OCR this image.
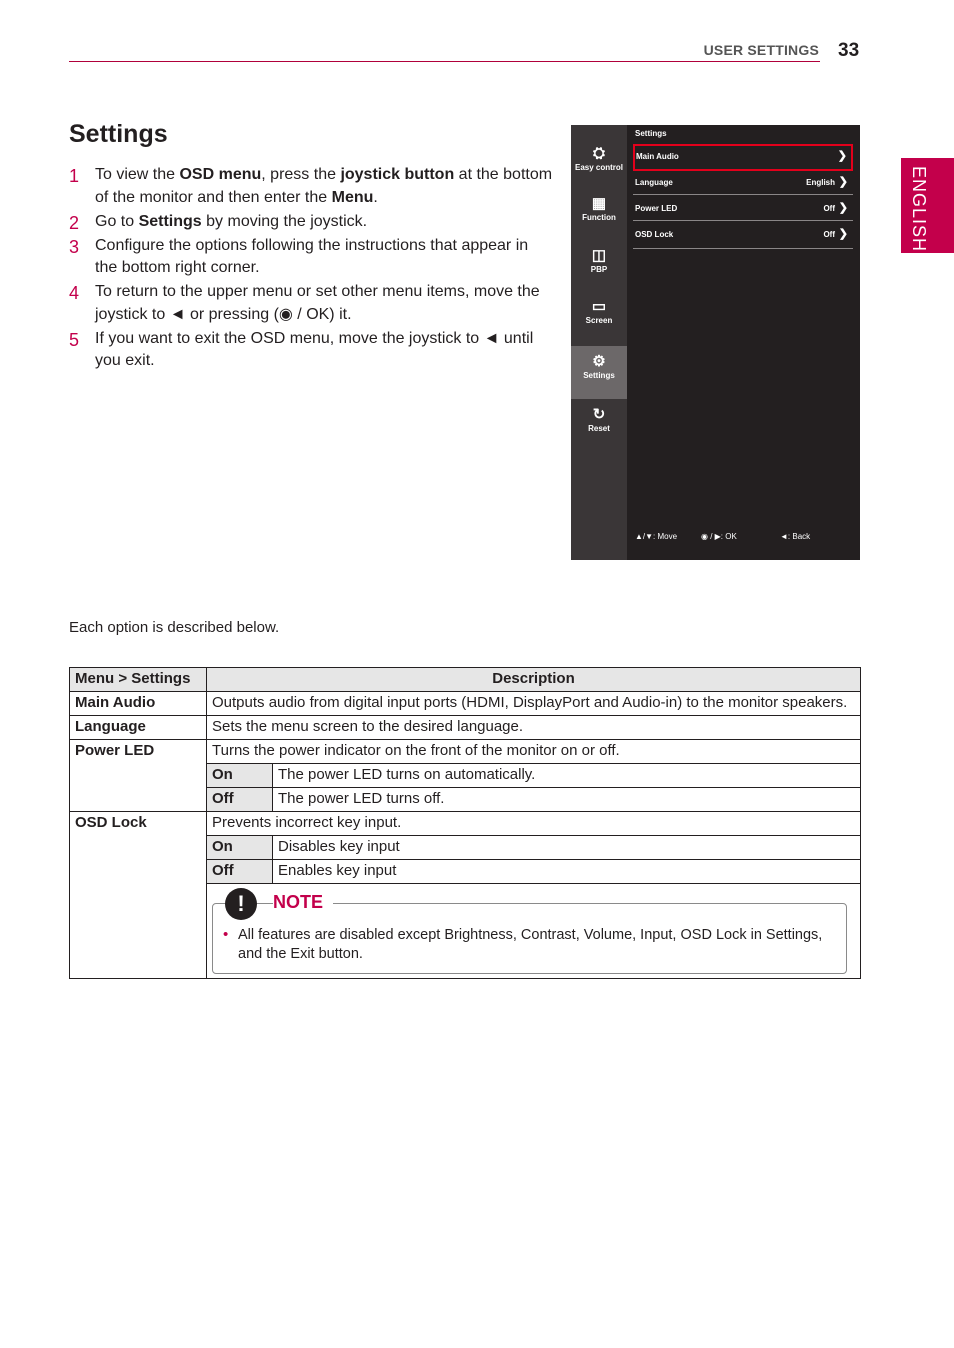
USER SETTINGS 33
ENGLISH
Settings
1 To view the OSD menu, press the joystick button at the bottom of the monitor and then enter the Menu.
2 Go to Settings by moving the joystick.
3 Configure the options following the instructions that appear in the bottom right corner.
4 To return to the upper menu or set other menu items, move the joystick to ◄ or pressing (◉ / OK) it.
5 If you want to exit the OSD menu, move the joystick to ◄ until you exit.
⛭
Easy control
▦
Function
◫
PBP
▭
Screen
⚙
Settings
↻
Reset
Settings
Main Audio	❯
Language	English ❯
Power LED	Off ❯
OSD Lock	Off ❯
▲/▼: Move	◉ / ▶: OK	◄: Back

Each option is described below.

Menu > Settings	Description	
Main Audio	Outputs audio from digital input ports (HDMI, DisplayPort and Audio-in) to the monitor speakers.	
Language	Sets the menu screen to the desired language.	
Power LED	Turns the power indicator on the front of the monitor on or off.	
	On	The power LED turns on automatically.
	Off	The power LED turns off.
OSD Lock	Prevents incorrect key input.	
	On	Disables key input
	Off	Enables key input

	! NOTE
• All features are disabled except Brightness, Contrast, Volume, Input, OSD Lock in Settings, and the Exit button.	
